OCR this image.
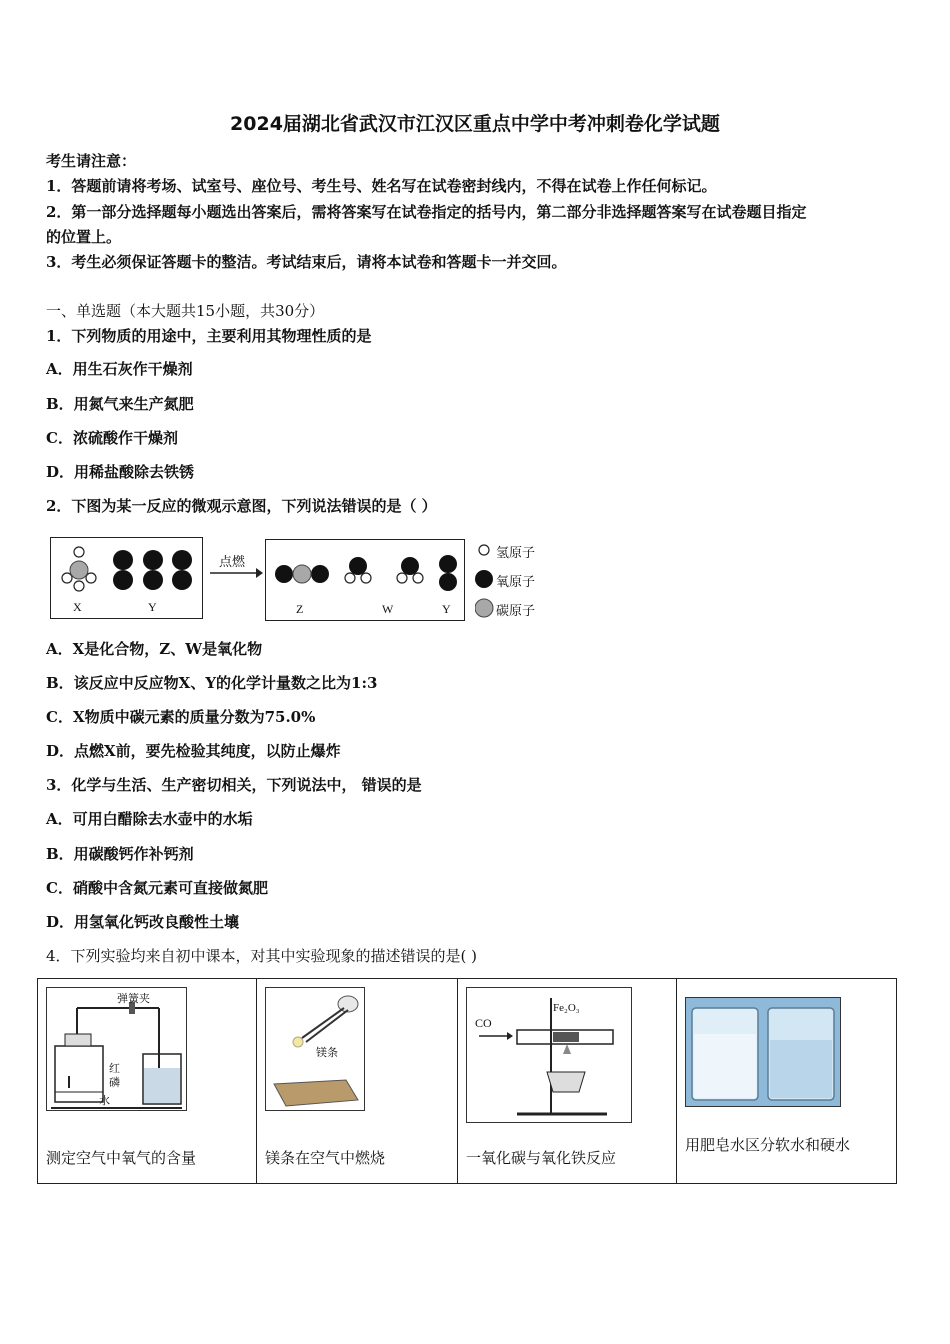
2024届湖北省武汉市江汉区重点中学中考冲刺卷化学试题
考生请注意：
1．答题前请将考场、试室号、座位号、考生号、姓名写在试卷密封线内，不得在试卷上作任何标记。
2．第一部分选择题每小题选出答案后，需将答案写在试卷指定的括号内，第二部分非选择题答案写在试卷题目指定
的位置上。
3．考生必须保证答题卡的整洁。考试结束后，请将本试卷和答题卡一并交回。
一、单选题（本大题共15小题，共30分）
1．下列物质的用途中，主要利用其物理性质的是
A．用生石灰作干燥剂
B．用氮气来生产氮肥
C．浓硫酸作干燥剂
D．用稀盐酸除去铁锈
2．下图为某一反应的微观示意图，下列说法错误的是（ ）
X	Y
点燃
Z	W	Y
氢原子
氧原子
碳原子
A．X是化合物，Z、W是氧化物
B．该反应中反应物X、Y的化学计量数之比为1:3
C．X物质中碳元素的质量分数为75.0%
D．点燃X前，要先检验其纯度，以防止爆炸
3．化学与生活、生产密切相关，下列说法中， 错误的是
A．可用白醋除去水壶中的水垢
B．用碳酸钙作补钙剂
C．硝酸中含氮元素可直接做氮肥
D．用氢氧化钙改良酸性土壤
4．下列实验均来自初中课本，对其中实验现象的描述错误的是( )
弹簧夹
红
磷
水
测定空气中氧气的含量

镁条
镁条在空气中燃烧

CO
Fe₂O₃
一氧化碳与氧化铁反应

用肥皂水区分软水和硬水
